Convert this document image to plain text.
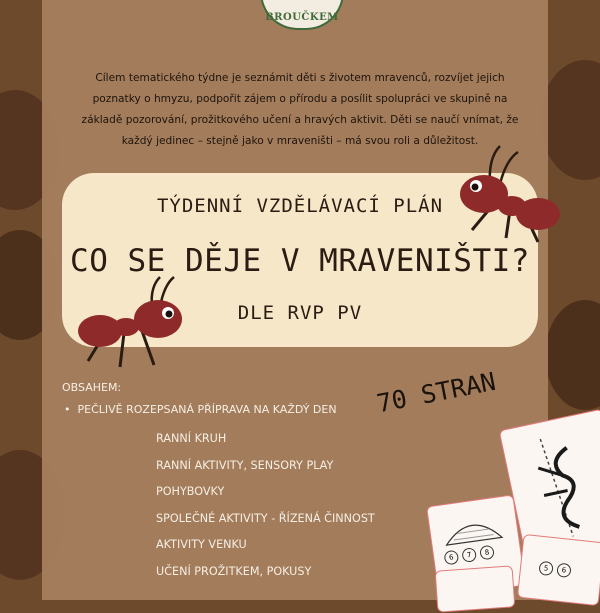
BROUČKEM
Cílem tematického týdne je seznámit děti s životem mravenců, rozvíjet jejich poznatky o hmyzu, podpořit zájem o přírodu a posílit spolupráci ve skupině na základě pozorování, prožitkového učení a hravých aktivit. Děti se naučí vnímat, že každý jedinec – stejně jako v mraveništi – má svou roli a důležitost.
TÝDENNÍ VZDĚLÁVACÍ PLÁN
CO SE DĚJE V MRAVENIŠTI?
DLE RVP PV
OBSAHEM:
• PEČLIVĚ ROZEPSANÁ PŘÍPRAVA NA KAŽDÝ DEN
RANNÍ KRUH
RANNÍ AKTIVITY, SENSORY PLAY
POHYBOVKY
SPOLEČNÉ AKTIVITY - ŘÍZENÁ ČINNOST
AKTIVITY VENKU
UČENÍ PROŽITKEM, POKUSY
70 STRAN
6	7	8
5	6
